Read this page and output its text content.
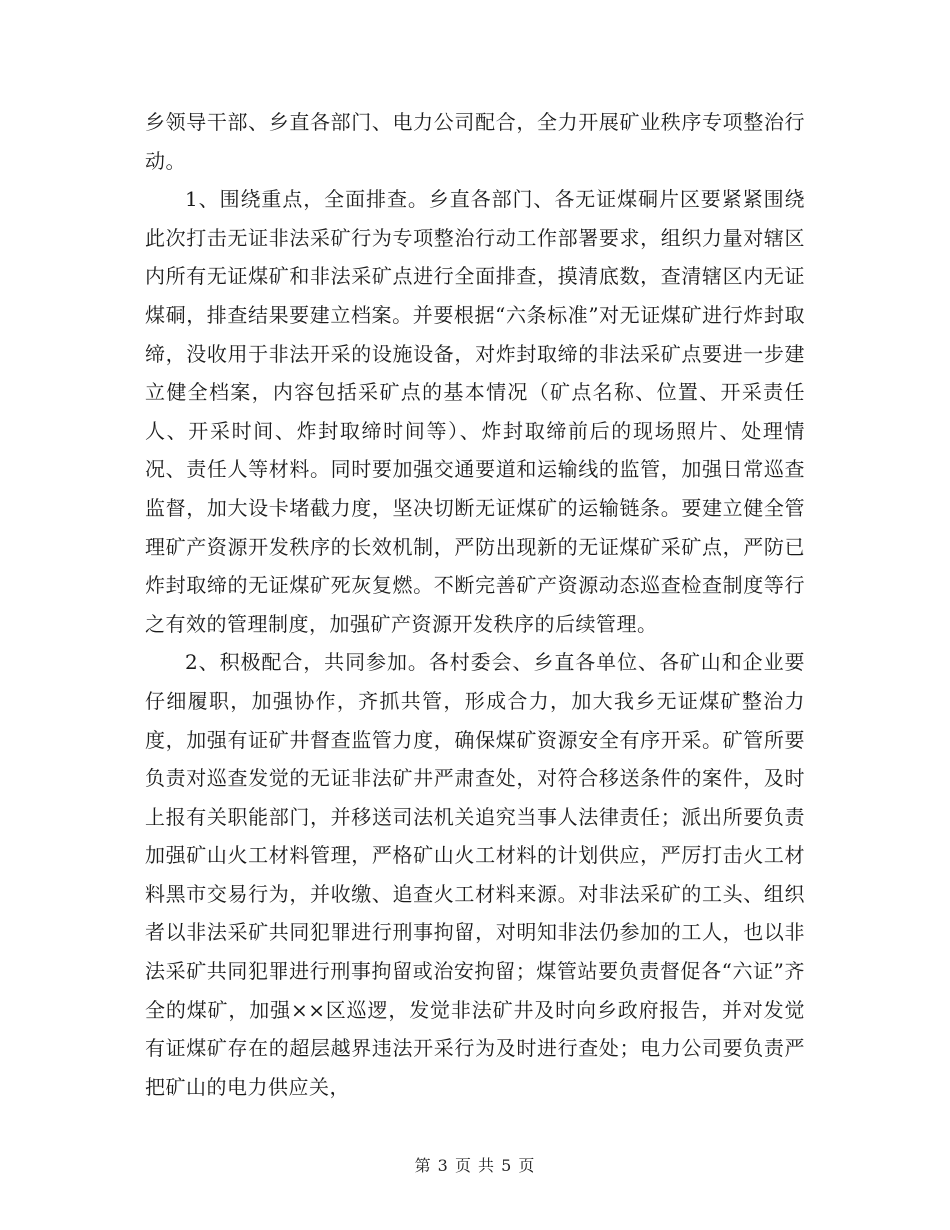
乡领导干部、乡直各部门、电力公司配合，全力开展矿业秩序专项整治行动。

1、围绕重点，全面排查。乡直各部门、各无证煤硐片区要紧紧围绕此次打击无证非法采矿行为专项整治行动工作部署要求，组织力量对辖区内所有无证煤矿和非法采矿点进行全面排查，摸清底数，查清辖区内无证煤硐，排查结果要建立档案。并要根据“六条标准”对无证煤矿进行炸封取缔，没收用于非法开采的设施设备，对炸封取缔的非法采矿点要进一步建立健全档案，内容包括采矿点的基本情况（矿点名称、位置、开采责任人、开采时间、炸封取缔时间等）、炸封取缔前后的现场照片、处理情况、责任人等材料。同时要加强交通要道和运输线的监管，加强日常巡查监督，加大设卡堵截力度，坚决切断无证煤矿的运输链条。要建立健全管理矿产资源开发秩序的长效机制，严防出现新的无证煤矿采矿点，严防已炸封取缔的无证煤矿死灰复燃。不断完善矿产资源动态巡查检查制度等行之有效的管理制度，加强矿产资源开发秩序的后续管理。

2、积极配合，共同参加。各村委会、乡直各单位、各矿山和企业要仔细履职，加强协作，齐抓共管，形成合力，加大我乡无证煤矿整治力度，加强有证矿井督查监管力度，确保煤矿资源安全有序开采。矿管所要负责对巡查发觉的无证非法矿井严肃查处，对符合移送条件的案件，及时上报有关职能部门，并移送司法机关追究当事人法律责任；派出所要负责加强矿山火工材料管理，严格矿山火工材料的计划供应，严厉打击火工材料黑市交易行为，并收缴、追查火工材料来源。对非法采矿的工头、组织者以非法采矿共同犯罪进行刑事拘留，对明知非法仍参加的工人，也以非法采矿共同犯罪进行刑事拘留或治安拘留；煤管站要负责督促各“六证”齐全的煤矿，加强××区巡逻，发觉非法矿井及时向乡政府报告，并对发觉有证煤矿存在的超层越界违法开采行为及时进行查处；电力公司要负责严把矿山的电力供应关，

第 3 页 共 5 页
